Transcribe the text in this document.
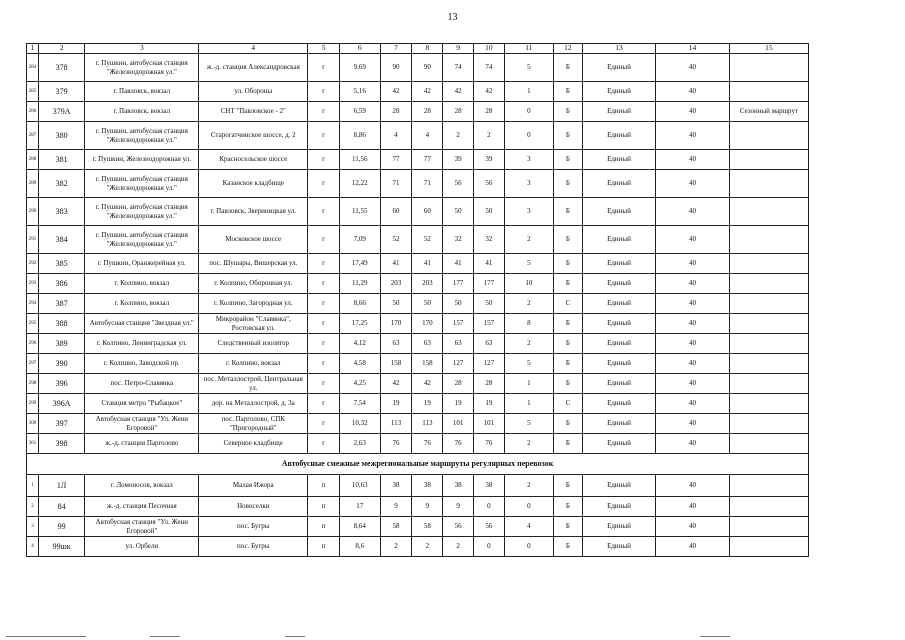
13
1	2	3	4	5	6	7	8	9	10	11	12	13	14	15
284	378	г. Пушкин, автобусная станция "Железнодорожная ул."	ж.-д. станция Александровская	г	9,69	90	90	74	74	5	Б	Единый	40	
285	379	г. Павловск, вокзал	ул. Обороны	г	5,16	42	42	42	42	1	Б	Единый	40	
286	379А	г. Павловск, вокзал	СНТ "Павловское - 2"	г	6,59	28	28	28	28	0	Б	Единый	40	Сезонный маршрут
287	380	г. Пушкин, автобусная станция "Железнодорожная ул."	Старогатчинское шоссе, д. 2	г	8,86	4	4	2	2	0	Б	Единый	40	
288	381	г. Пушкин, Железнодорожная ул.	Красносельское шоссе	г	11,56	77	77	39	39	3	Б	Единый	40	
289	382	г. Пушкин, автобусная станция "Железнодорожная ул."	Казанское кладбище	г	12,22	71	71	56	56	3	Б	Единый	40	
290	383	г. Пушкин, автобусная станция "Железнодорожная ул."	г. Павловск, Звериницкая ул.	г	11,55	60	60	50	50	3	Б	Единый	40	
291	384	г. Пушкин, автобусная станция "Железнодорожная ул."	Московское шоссе	г	7,09	52	52	32	32	2	Б	Единый	40	
292	385	г. Пушкин, Оранжерейная ул.	пос. Шушары, Вишерская ул.	г	17,49	41	41	41	41	5	Б	Единый	40	
293	386	г. Колпино, вокзал	г. Колпино, Оборонная ул.	г	11,29	203	203	177	177	10	Б	Единый	40	
294	387	г. Колпино, вокзал	г. Колпино, Загородная ул.	г	8,66	50	50	50	50	2	С	Единый	40	
295	388	Автобусная станция "Звездная ул."	Микрорайон "Славянка", Ростовская ул.	г	17,25	170	170	157	157	8	Б	Единый	40	
296	389	г. Колпино, Ленинградская ул.	Следственный изолятор	г	4,12	63	63	63	63	2	Б	Единый	40	
297	390	г. Колпино, Заводской пр.	г. Колпино, вокзал	г	4,58	158	158	127	127	5	Б	Единый	40	
298	396	пос. Петро-Славянка	пос. Металлострой, Центральная ул.	г	4,25	42	42	28	28	1	Б	Единый	40	
299	396А	Станция метро "Рыбацкое"	дор. на Металлострой, д. 3а	г	7,54	19	19	19	19	1	С	Единый	40	
300	397	Автобусная станция "Ул. Жени Егоровой"	пос. Парголово, СПК "Пригородный"	г	10,32	113	113	101	101	5	Б	Единый	40	
301	398	ж.-д. станция Парголово	Северное кладбище	г	2,63	76	76	76	76	2	Б	Единый	40	
Автобусные смежные межрегиональные маршруты регулярных перевозок														
1	1Л	г. Ломоносов, вокзал	Малая Ижора	п	10,63	38	38	38	38	2	Б	Единый	40	
2	84	ж.-д. станция Песочная	Новоселки	п	17	9	9	9	0	0	Б	Единый	40	
3	99	Автобусная станция "Ул. Жени Егоровой"	пос. Бугры	п	8,64	58	58	56	56	4	Б	Единый	40	
4	99шк	ул. Орбели	пос. Бугры	п	8,6	2	2	2	0	0	Б	Единый	40	
